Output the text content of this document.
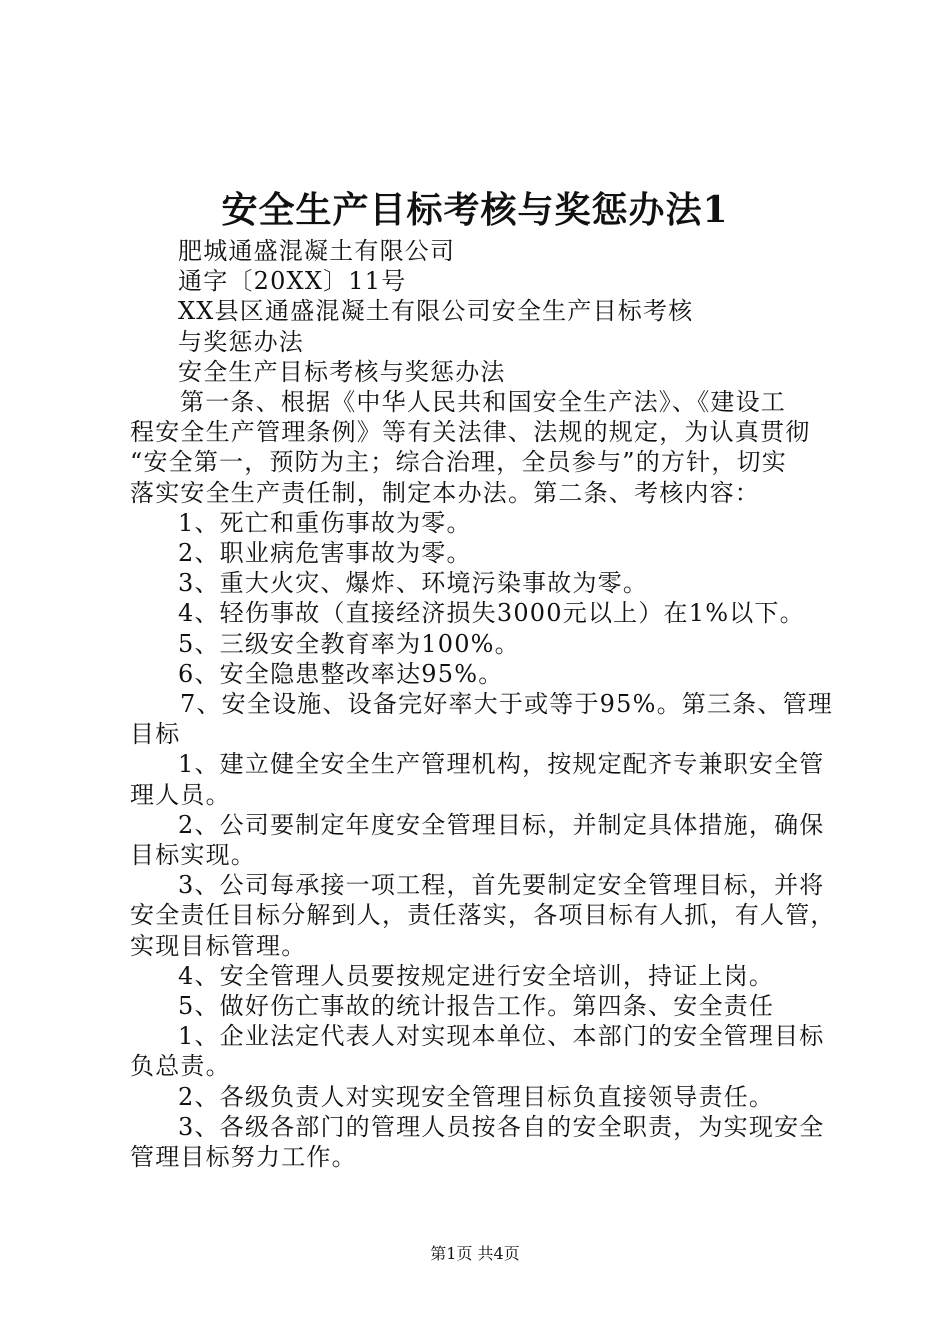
安全生产目标考核与奖惩办法1
肥城通盛混凝土有限公司
通字〔20XX〕11号
XX县区通盛混凝土有限公司安全生产目标考核
与奖惩办法
安全生产目标考核与奖惩办法
第一条、根据《中华人民共和国安全生产法》、《建设工
程安全生产管理条例》等有关法律、法规的规定，为认真贯彻
“安全第一，预防为主；综合治理，全员参与”的方针，切实
落实安全生产责任制，制定本办法。第二条、考核内容：
1、死亡和重伤事故为零。
2、职业病危害事故为零。
3、重大火灾、爆炸、环境污染事故为零。
4、轻伤事故（直接经济损失3000元以上）在1%以下。
5、三级安全教育率为100%。
6、安全隐患整改率达95%。
7、安全设施、设备完好率大于或等于95%。第三条、管理
目标
1、建立健全安全生产管理机构，按规定配齐专兼职安全管
理人员。
2、公司要制定年度安全管理目标，并制定具体措施，确保
目标实现。
3、公司每承接一项工程，首先要制定安全管理目标，并将
安全责任目标分解到人，责任落实，各项目标有人抓，有人管，
实现目标管理。
4、安全管理人员要按规定进行安全培训，持证上岗。
5、做好伤亡事故的统计报告工作。第四条、安全责任
1、企业法定代表人对实现本单位、本部门的安全管理目标
负总责。
2、各级负责人对实现安全管理目标负直接领导责任。
3、各级各部门的管理人员按各自的安全职责，为实现安全
管理目标努力工作。
第1页 共4页
